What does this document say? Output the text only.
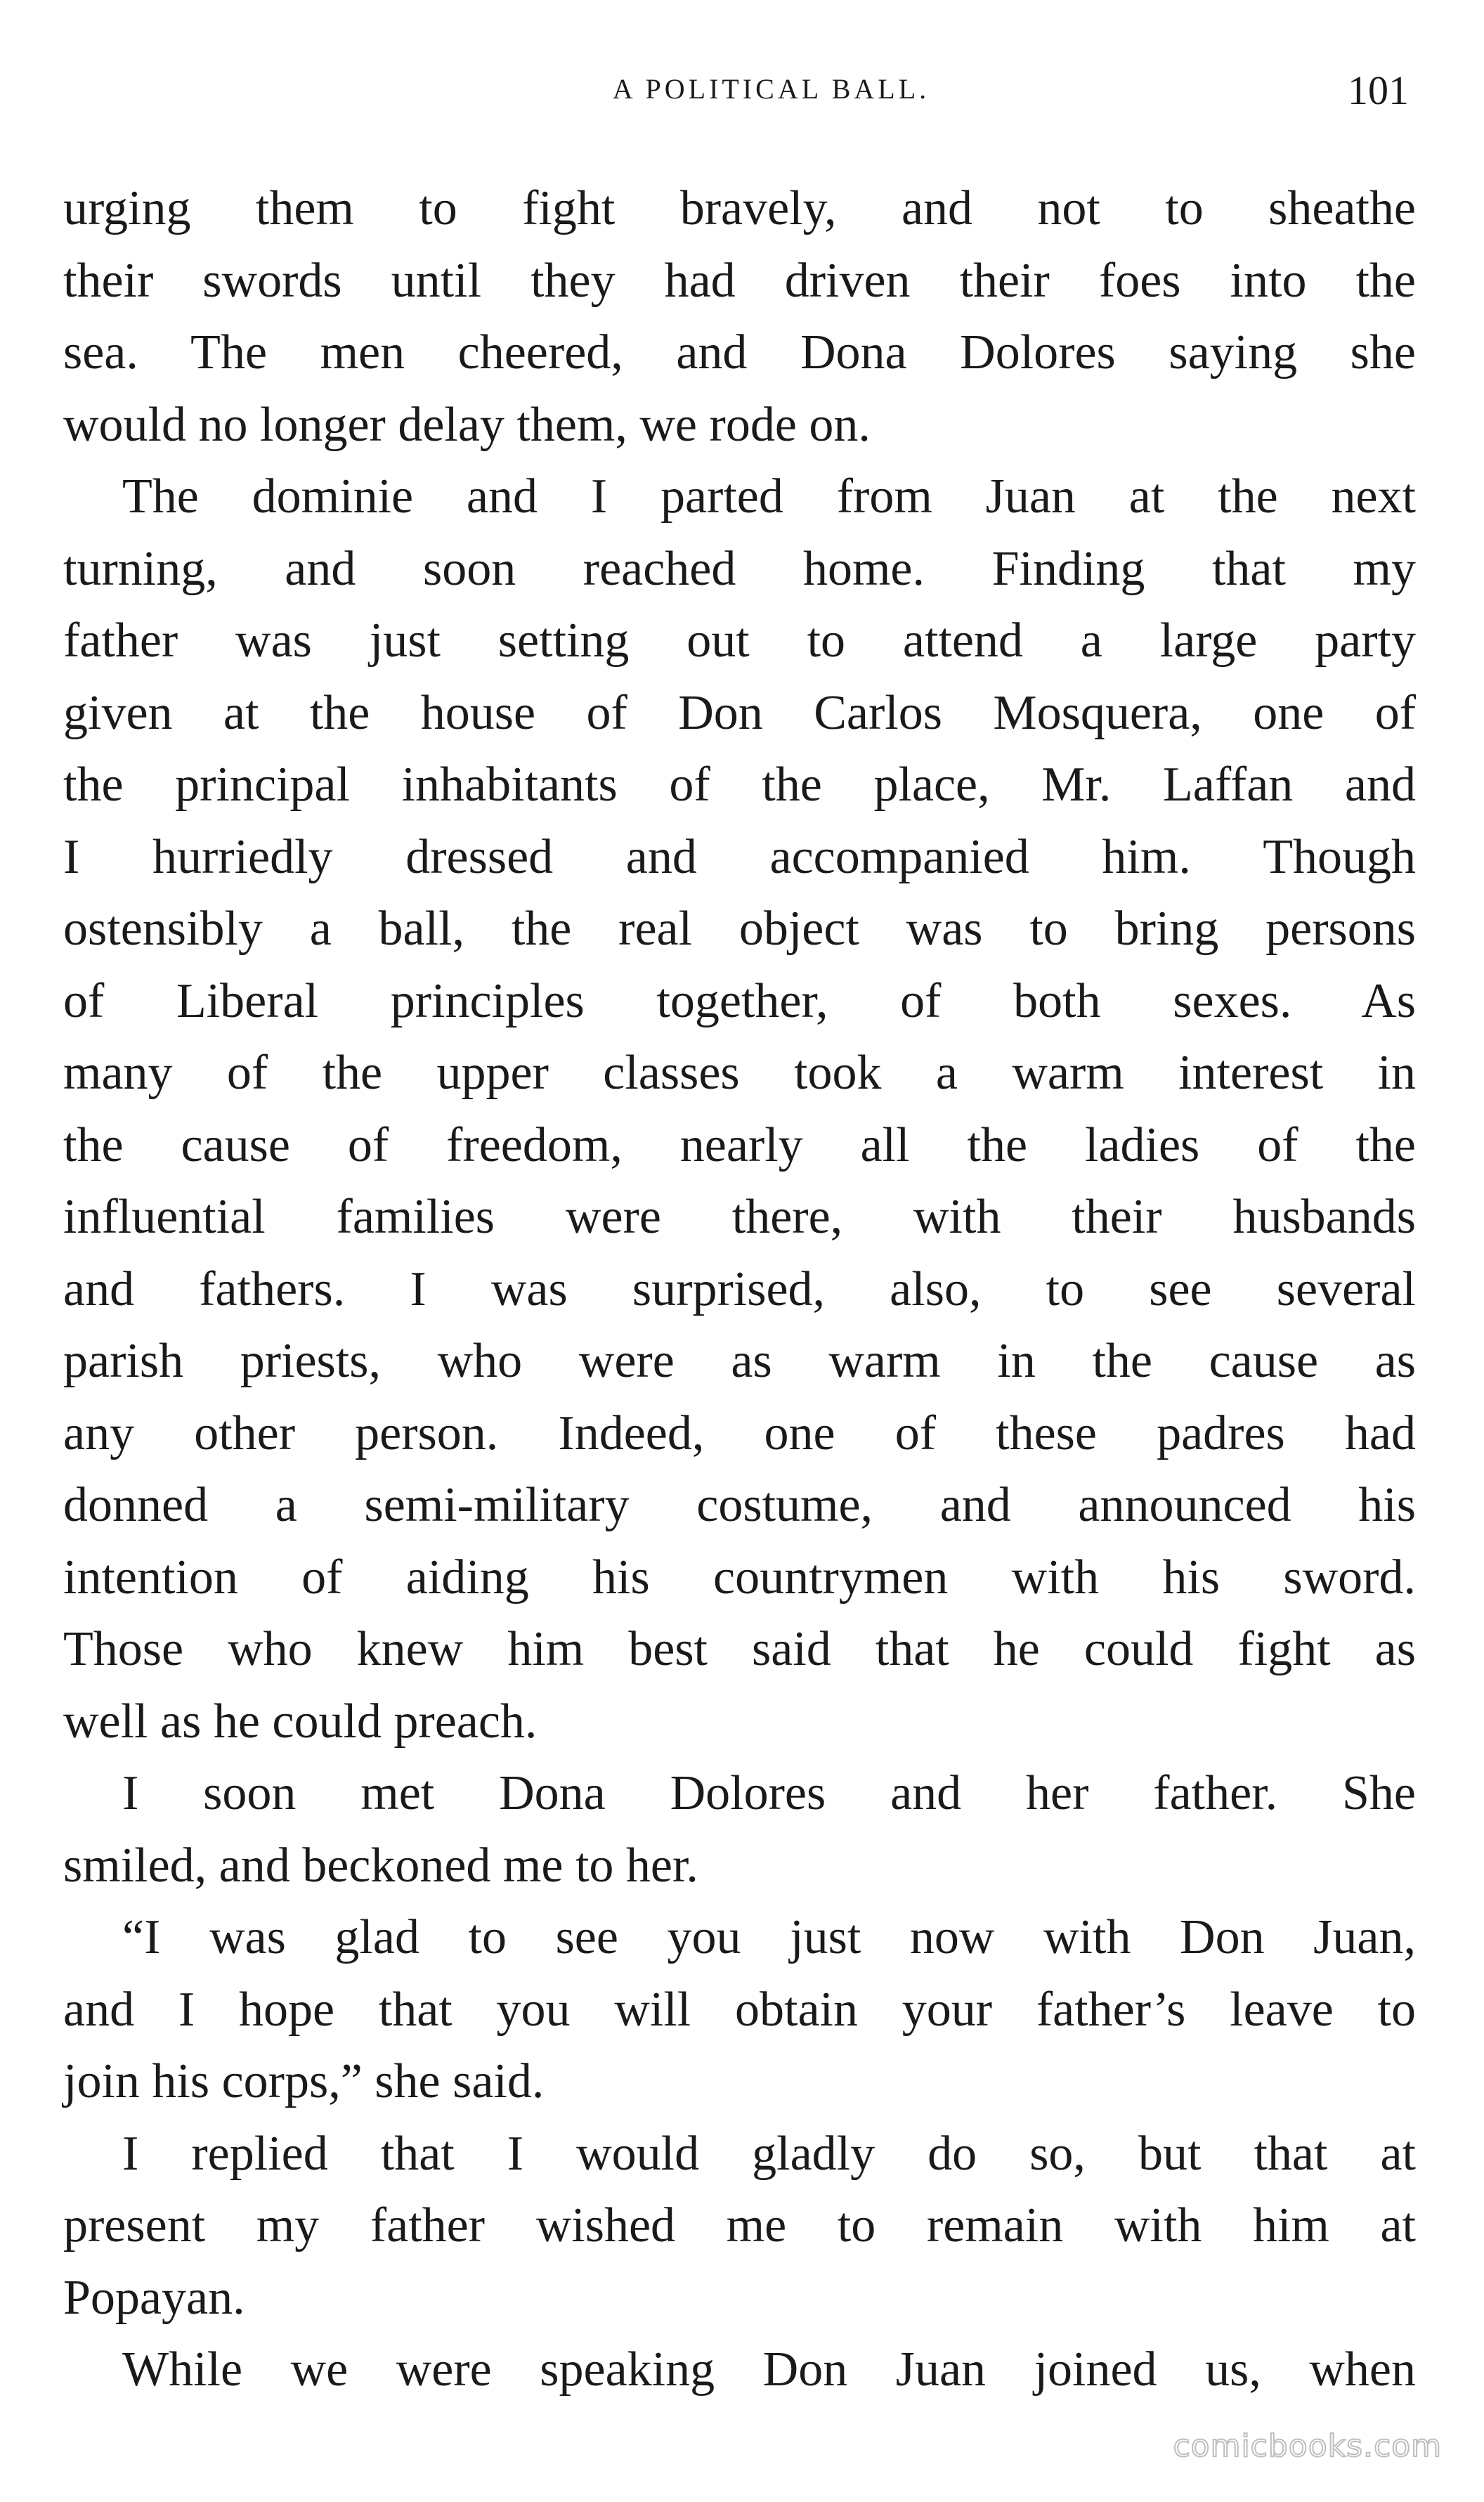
A POLITICAL BALL.	101

urging them to fight bravely, and not to sheathe

their swords until they had driven their foes into the

sea. The men cheered, and Dona Dolores saying she

would no longer delay them, we rode on.

The dominie and I parted from Juan at the next

turning, and soon reached home. Finding that my

father was just setting out to attend a large party

given at the house of Don Carlos Mosquera, one of

the principal inhabitants of the place, Mr. Laffan and

I hurriedly dressed and accompanied him. Though

ostensibly a ball, the real object was to bring persons

of Liberal principles together, of both sexes. As

many of the upper classes took a warm interest in

the cause of freedom, nearly all the ladies of the

influential families were there, with their husbands

and fathers. I was surprised, also, to see several

parish priests, who were as warm in the cause as

any other person. Indeed, one of these padres had

donned a semi-military costume, and announced his

intention of aiding his countrymen with his sword.

Those who knew him best said that he could fight as

well as he could preach.

I soon met Dona Dolores and her father. She

smiled, and beckoned me to her.

“I was glad to see you just now with Don Juan,

and I hope that you will obtain your father’s leave to

join his corps,” she said.

I replied that I would gladly do so, but that at

present my father wished me to remain with him at

Popayan.

While we were speaking Don Juan joined us, when

comicbooks.com
